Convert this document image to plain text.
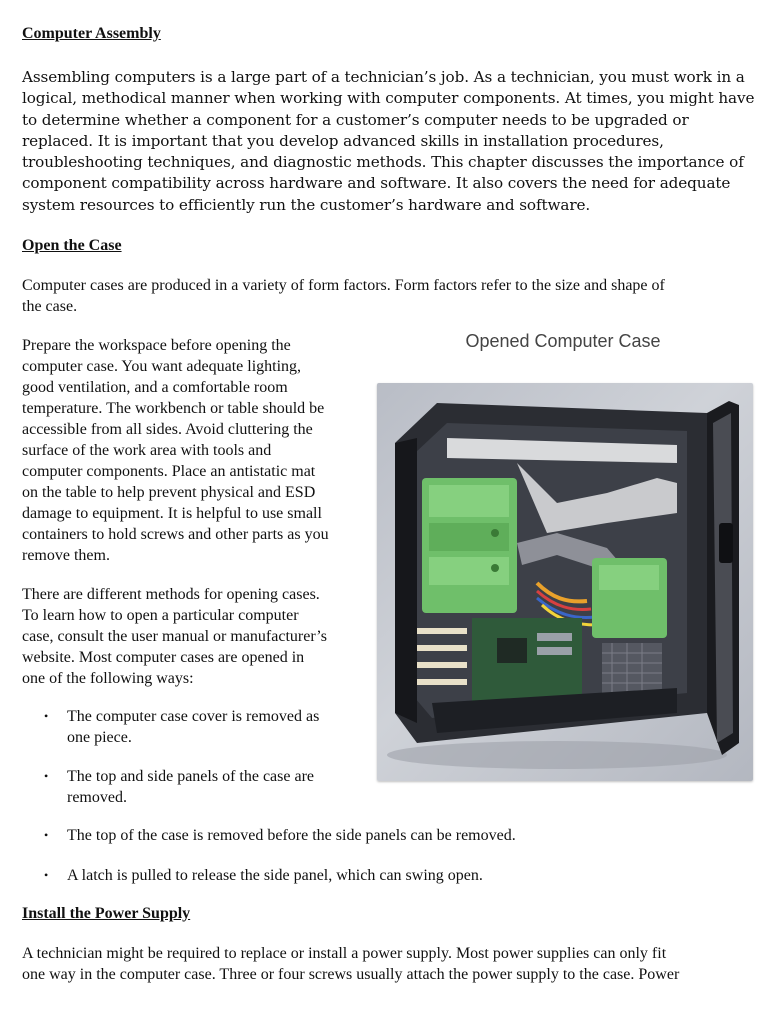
Computer Assembly
Assembling computers is a large part of a technician’s job. As a technician, you must work in a
logical, methodical manner when working with computer components. At times, you might have
to determine whether a component for a customer’s computer needs to be upgraded or
replaced. It is important that you develop advanced skills in installation procedures,
troubleshooting techniques, and diagnostic methods. This chapter discusses the importance of
component compatibility across hardware and software. It also covers the need for adequate
system resources to efficiently run the customer’s hardware and software.
Open the Case
Computer cases are produced in a variety of form factors. Form factors refer to the size and shape of
the case.
Prepare the workspace before opening the
computer case. You want adequate lighting,
good ventilation, and a comfortable room
temperature. The workbench or table should be
accessible from all sides. Avoid cluttering the
surface of the work area with tools and
computer components. Place an antistatic mat
on the table to help prevent physical and ESD
damage to equipment. It is helpful to use small
containers to hold screws and other parts as you
remove them.
There are different methods for opening cases.
To learn how to open a particular computer
case, consult the user manual or manufacturer’s
website. Most computer cases are opened in
one of the following ways:
• The computer case cover is removed as
one piece.
• The top and side panels of the case are
removed.
• The top of the case is removed before the side panels can be removed.
• A latch is pulled to release the side panel, which can swing open.
Install the Power Supply
A technician might be required to replace or install a power supply. Most power supplies can only fit
one way in the computer case. Three or four screws usually attach the power supply to the case. Power
Opened Computer Case
